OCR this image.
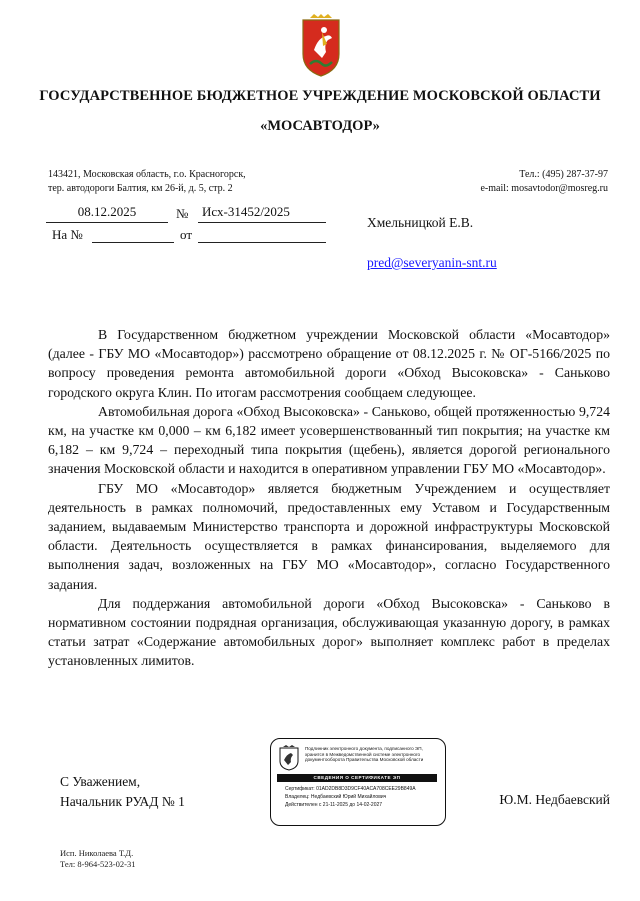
ГОСУДАРСТВЕННОЕ БЮДЖЕТНОЕ УЧРЕЖДЕНИЕ МОСКОВСКОЙ ОБЛАСТИ
«МОСАВТОДОР»
143421, Московская область, г.о. Красногорск,
тер. автодороги Балтия, км 26-й, д. 5, стр. 2
Тел.: (495) 287-37-97
e-mail: mosavtodor@mosreg.ru
08.12.2025	№	Исх-31452/2025
На №	от
Хмельницкой Е.В.
pred@severyanin-snt.ru

В Государственном бюджетном учреждении Московской области «Мосавтодор» (далее - ГБУ МО «Мосавтодор») рассмотрено обращение от 08.12.2025 г. № ОГ-5166/2025 по вопросу проведения ремонта автомобильной дороги «Обход Высоковска» - Саньково городского округа Клин. По итогам рассмотрения сообщаем следующее.

Автомобильная дорога «Обход Высоковска» - Саньково, общей протяженностью 9,724 км, на участке км 0,000 – км 6,182 имеет усовершенствованный тип покрытия; на участке км 6,182 – км 9,724 – переходный типа покрытия (щебень), является дорогой регионального значения Московской области и находится в оперативном управлении ГБУ МО «Мосавтодор».

ГБУ МО «Мосавтодор» является бюджетным Учреждением и осуществляет деятельность в рамках полномочий, предоставленных ему Уставом и Государственным заданием, выдаваемым Министерство транспорта и дорожной инфраструктуры Московской области. Деятельность осуществляется в рамках финансирования, выделяемого для выполнения задач, возложенных на ГБУ МО «Мосавтодор», согласно Государственного задания.

Для поддержания автомобильной дороги «Обход Высоковска» - Саньково в нормативном состоянии подрядная организация, обслуживающая указанную дорогу, в рамках статьи затрат «Содержание автомобильных дорог» выполняет комплекс работ в пределах установленных лимитов.

С Уважением,
Начальник РУАД № 1	Ю.М. Недбаевский
Подлинник электронного документа, подписанного ЭП, хранится в Межведомственной системе электронного документооборота Правительства Московской области
СВЕДЕНИЯ О СЕРТИФИКАТЕ ЭП
Сертификат: 01AD2DB8D3D9CF40ACA708CEE29B849A
Владелец: Недбаевский Юрий Михайлович
Действителен с 21-11-2025 до 14-02-2027
Исп. Николаева Т.Д.
Тел: 8-964-523-02-31
